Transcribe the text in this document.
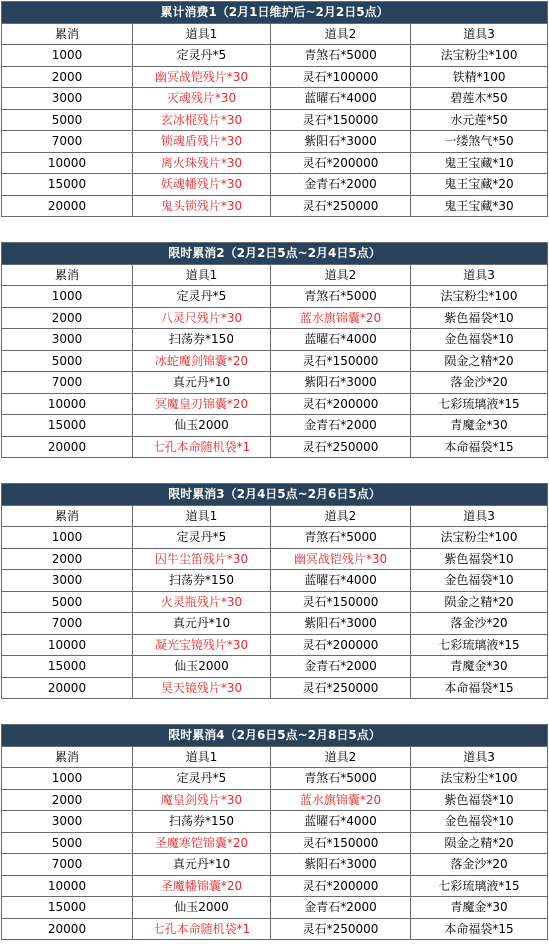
累计消费1（2月1日维护后~2月2日5点）			
累消	道具1	道具2	道具3
1000	定灵丹*5	青煞石*5000	法宝粉尘*100
2000	幽冥战铠残片*30	灵石*100000	铁精*100
3000	灭魂残片*30	蓝曜石*4000	碧莲木*50
5000	玄冰棍残片*30	灵石*150000	水元莲*50
7000	锁魂盾残片*30	紫阳石*3000	一缕煞气*50
10000	离火珠残片*30	灵石*200000	鬼王宝藏*10
15000	妖魂幡残片*30	金青石*2000	鬼王宝藏*20
20000	鬼头锁残片*30	灵石*250000	鬼王宝藏*30
限时累消2（2月2日5点~2月4日5点）			
累消	道具1	道具2	道具3
1000	定灵丹*5	青煞石*5000	法宝粉尘*100
2000	八灵尺残片*30	蓝水旗锦囊*20	紫色福袋*10
3000	扫荡券*150	蓝曜石*4000	金色福袋*10
5000	冰蛇魔剑锦囊*20	灵石*150000	陨金之精*20
7000	真元丹*10	紫阳石*3000	落金沙*20
10000	冥魔皇刃锦囊*20	灵石*200000	七彩琉璃液*15
15000	仙玉2000	金青石*2000	青魔金*30
20000	七孔本命随机袋*1	灵石*250000	本命福袋*15
限时累消3（2月4日5点~2月6日5点）			
累消	道具1	道具2	道具3
1000	定灵丹*5	青煞石*5000	法宝粉尘*100
2000	囚牛尘笛残片*30	幽冥战铠残片*30	紫色福袋*10
3000	扫荡券*150	蓝曜石*4000	金色福袋*10
5000	火灵瓶残片*30	灵石*150000	陨金之精*20
7000	真元丹*10	紫阳石*3000	落金沙*20
10000	凝光宝镜残片*30	灵石*200000	七彩琉璃液*15
15000	仙玉2000	金青石*2000	青魔金*30
20000	昊天镜残片*30	灵石*250000	本命福袋*15
限时累消4（2月6日5点~2月8日5点）			
累消	道具1	道具2	道具3
1000	定灵丹*5	青煞石*5000	法宝粉尘*100
2000	魔皇剑残片*30	蓝水旗锦囊*20	紫色福袋*10
3000	扫荡券*150	蓝曜石*4000	金色福袋*10
5000	圣魔寒铠锦囊*20	灵石*150000	陨金之精*20
7000	真元丹*10	紫阳石*3000	落金沙*20
10000	圣魔幡锦囊*20	灵石*200000	七彩琉璃液*15
15000	仙玉2000	金青石*2000	青魔金*30
20000	七孔本命随机袋*1	灵石*250000	本命福袋*15
